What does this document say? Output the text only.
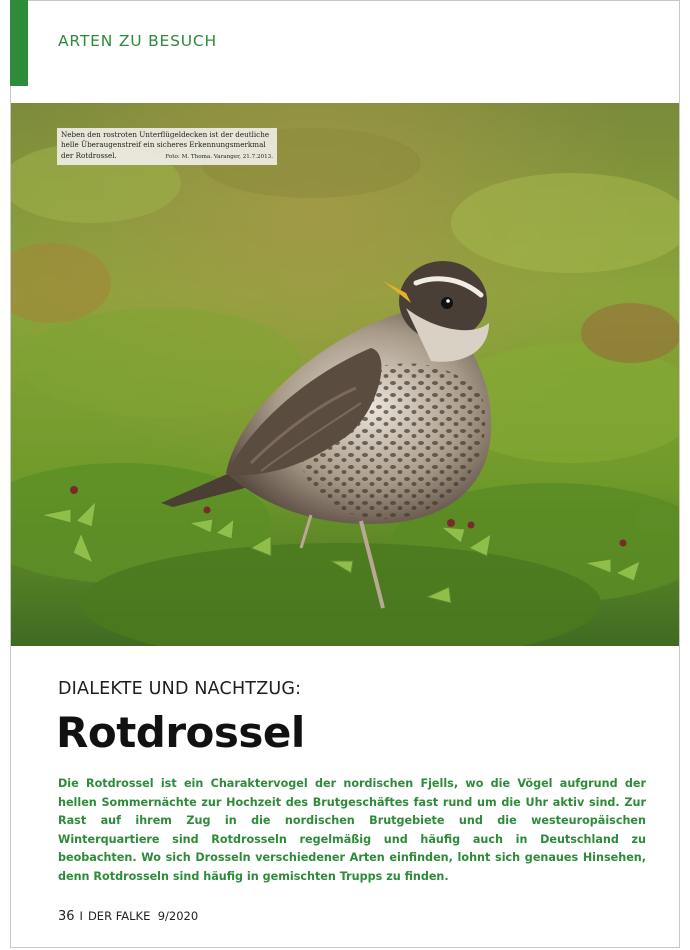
ARTEN ZU BESUCH
Neben den rostroten Unterflügeldecken ist der deutliche helle Überaugenstreif ein sicheres Erkennungsmerkmal der Rotdrossel.	Foto: M. Thoma. Varanger, 21.7.2013.
DIALEKTE UND NACHTZUG:
Rotdrossel
Die Rotdrossel ist ein Charaktervogel der nordischen Fjells, wo die Vögel aufgrund der hellen Sommernächte zur Hochzeit des Brutgeschäftes fast rund um die Uhr aktiv sind. Zur Rast auf ihrem Zug in die nordischen Brutgebiete und die westeuropäischen Winterquartiere sind Rotdrosseln regelmäßig und häufig auch in Deutschland zu beobachten. Wo sich Drosseln verschiedener Arten einfinden, lohnt sich genaues Hinsehen, denn Rotdrosseln sind häufig in gemischten Trupps zu finden.
36 I DER FALKE 9/2020
